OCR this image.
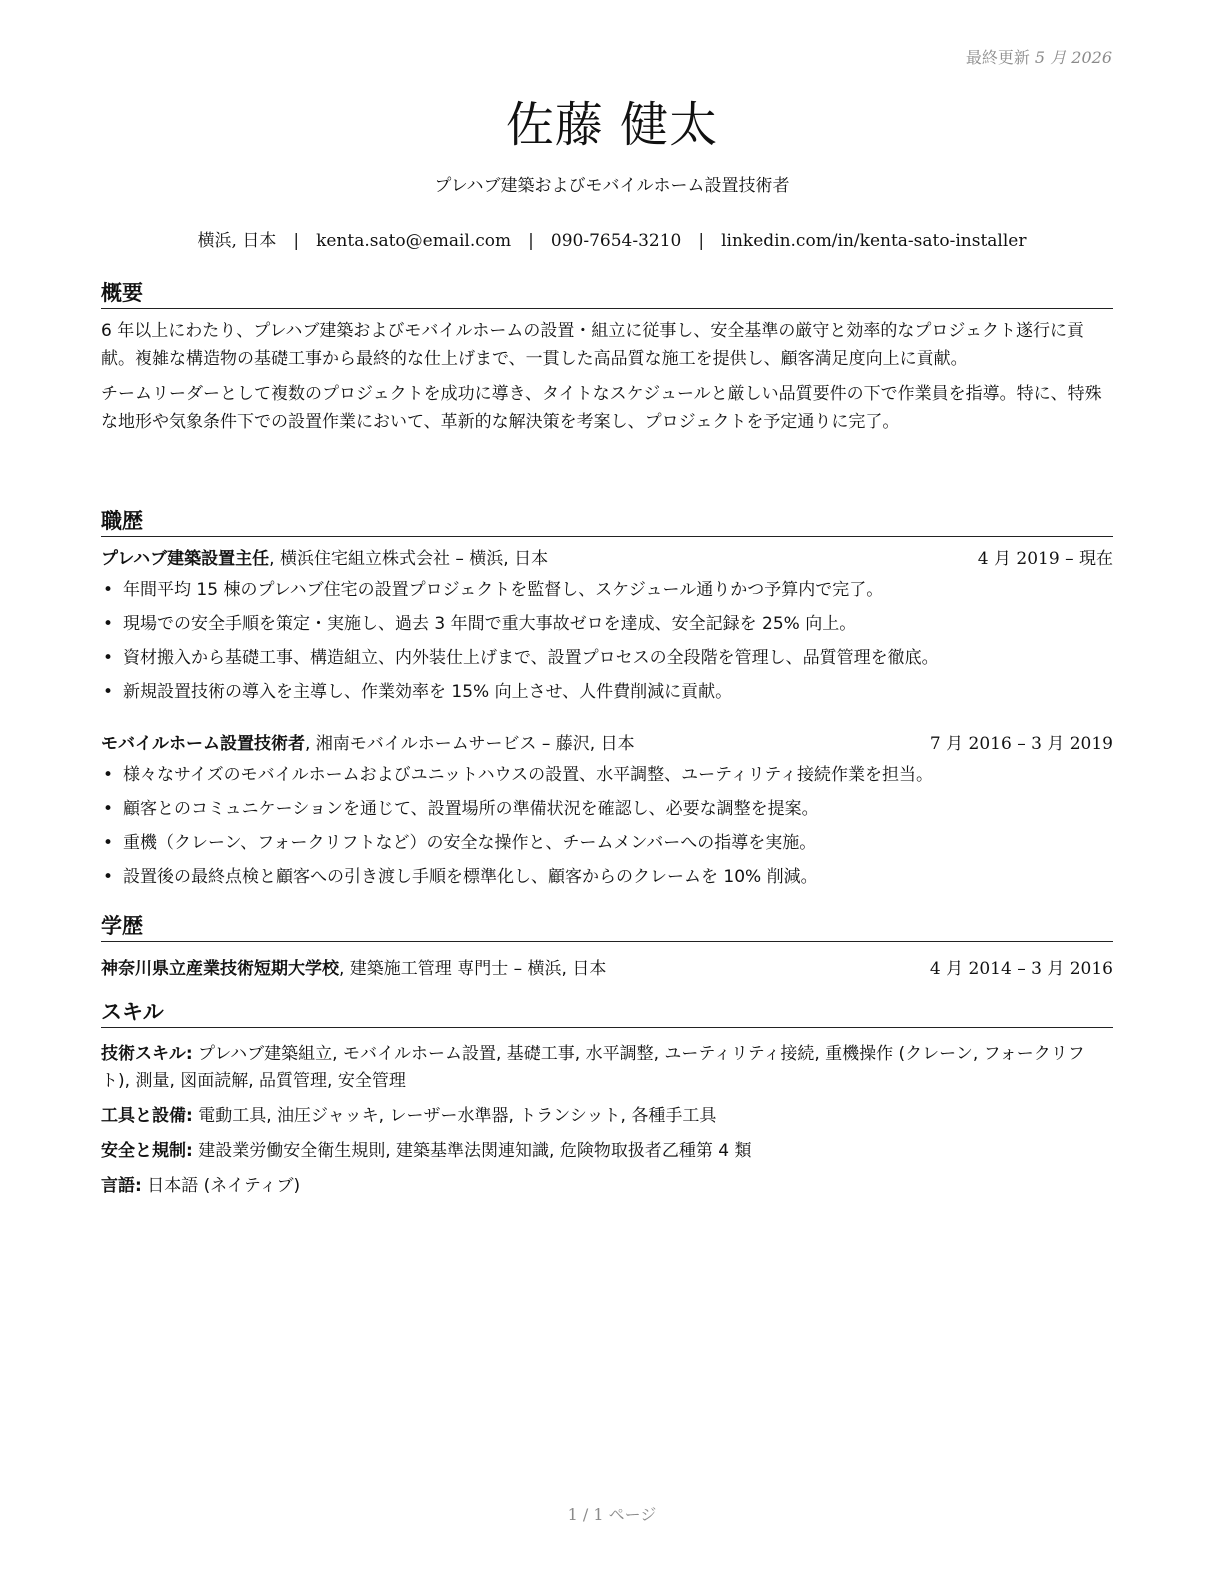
最終更新 5 月 2026
佐藤 健太
プレハブ建築およびモバイルホーム設置技術者
横浜, 日本 | kenta.sato@email.com | 090-7654-3210 | linkedin.com/in/kenta-sato-installer
概要

6 年以上にわたり、プレハブ建築およびモバイルホームの設置・組立に従事し、安全基準の厳守と効率的なプロジェクト遂行に貢献。複雑な構造物の基礎工事から最終的な仕上げまで、一貫した高品質な施工を提供し、顧客満足度向上に貢献。

チームリーダーとして複数のプロジェクトを成功に導き、タイトなスケジュールと厳しい品質要件の下で作業員を指導。特に、特殊な地形や気象条件下での設置作業において、革新的な解決策を考案し、プロジェクトを予定通りに完了。

職歴
プレハブ建築設置主任, 横浜住宅組立株式会社 – 横浜, 日本	4 月 2019 – 現在
• 年間平均 15 棟のプレハブ住宅の設置プロジェクトを監督し、スケジュール通りかつ予算内で完了。
• 現場での安全手順を策定・実施し、過去 3 年間で重大事故ゼロを達成、安全記録を 25% 向上。
• 資材搬入から基礎工事、構造組立、内外装仕上げまで、設置プロセスの全段階を管理し、品質管理を徹底。
• 新規設置技術の導入を主導し、作業効率を 15% 向上させ、人件費削減に貢献。
モバイルホーム設置技術者, 湘南モバイルホームサービス – 藤沢, 日本	7 月 2016 – 3 月 2019
• 様々なサイズのモバイルホームおよびユニットハウスの設置、水平調整、ユーティリティ接続作業を担当。
• 顧客とのコミュニケーションを通じて、設置場所の準備状況を確認し、必要な調整を提案。
• 重機（クレーン、フォークリフトなど）の安全な操作と、チームメンバーへの指導を実施。
• 設置後の最終点検と顧客への引き渡し手順を標準化し、顧客からのクレームを 10% 削減。
学歴
神奈川県立産業技術短期大学校, 建築施工管理 専門士 – 横浜, 日本	4 月 2014 – 3 月 2016
スキル

技術スキル: プレハブ建築組立, モバイルホーム設置, 基礎工事, 水平調整, ユーティリティ接続, 重機操作 (クレーン, フォークリフト), 測量, 図面読解, 品質管理, 安全管理

工具と設備: 電動工具, 油圧ジャッキ, レーザー水準器, トランシット, 各種手工具

安全と規制: 建設業労働安全衛生規則, 建築基準法関連知識, 危険物取扱者乙種第 4 類

言語: 日本語 (ネイティブ)

1 / 1 ページ
